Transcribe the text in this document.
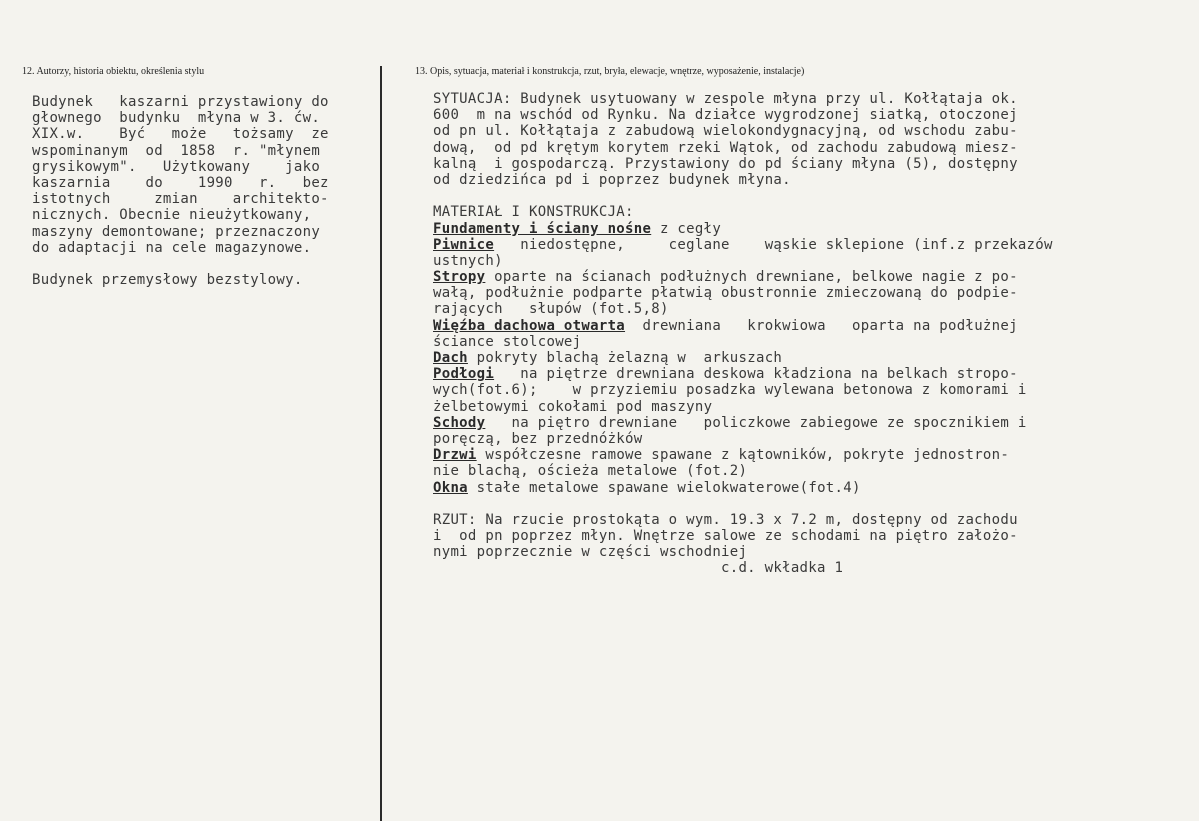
12. Autorzy, historia obiektu, określenia stylu	13. Opis, sytuacja, materiał i konstrukcja, rzut, bryła, elewacje, wnętrze, wyposażenie, instalacje)
Budynek   kaszarni przystawiony do
głownego  budynku  młyna w 3. ćw.
XIX.w.    Być   może   tożsamy  ze
wspominanym  od  1858  r. "młynem
grysikowym".   Użytkowany    jako
kaszarnia    do    1990   r.   bez
istotnych     zmian    architekto-
nicznych. Obecnie nieużytkowany,
maszyny demontowane; przeznaczony
do adaptacji na cele magazynowe.
Budynek przemysłowy bezstylowy.
SYTUACJA: Budynek usytuowany w zespole młyna przy ul. Kołłątaja ok.
600  m na wschód od Rynku. Na działce wygrodzonej siatką, otoczonej
od pn ul. Kołłątaja z zabudową wielokondygnacyjną, od wschodu zabu-
dową,  od pd krętym korytem rzeki Wątok, od zachodu zabudową miesz-
kalną  i gospodarczą. Przystawiony do pd ściany młyna (5), dostępny
od dziedzińca pd i poprzez budynek młyna.
MATERIAŁ I KONSTRUKCJA:
Fundamenty i ściany nośne z cegły
Piwnice   niedostępne,     ceglane    wąskie sklepione (inf.z przekazów
ustnych)
Stropy oparte na ścianach podłużnych drewniane, belkowe nagie z po-
wałą, podłużnie podparte płatwią obustronnie zmieczowaną do podpie-
rających   słupów (fot.5,8)
Więźba dachowa otwarta  drewniana   krokwiowa   oparta na podłużnej
ściance stolcowej
Dach pokryty blachą żelazną w  arkuszach
Podłogi   na piętrze drewniana deskowa kładziona na belkach stropo-
wych(fot.6);    w przyziemiu posadzka wylewana betonowa z komorami i
żelbetowymi cokołami pod maszyny
Schody   na piętro drewniane   policzkowe zabiegowe ze spocznikiem i
poręczą, bez przednóżków
Drzwi współczesne ramowe spawane z kątowników, pokryte jednostron-
nie blachą, ościeża metalowe (fot.2)
Okna stałe metalowe spawane wielokwaterowe(fot.4)
RZUT: Na rzucie prostokąta o wym. 19.3 x 7.2 m, dostępny od zachodu
i  od pn poprzez młyn. Wnętrze salowe ze schodami na piętro założo-
nymi poprzecznie w części wschodniej
c.d. wkładka 1
